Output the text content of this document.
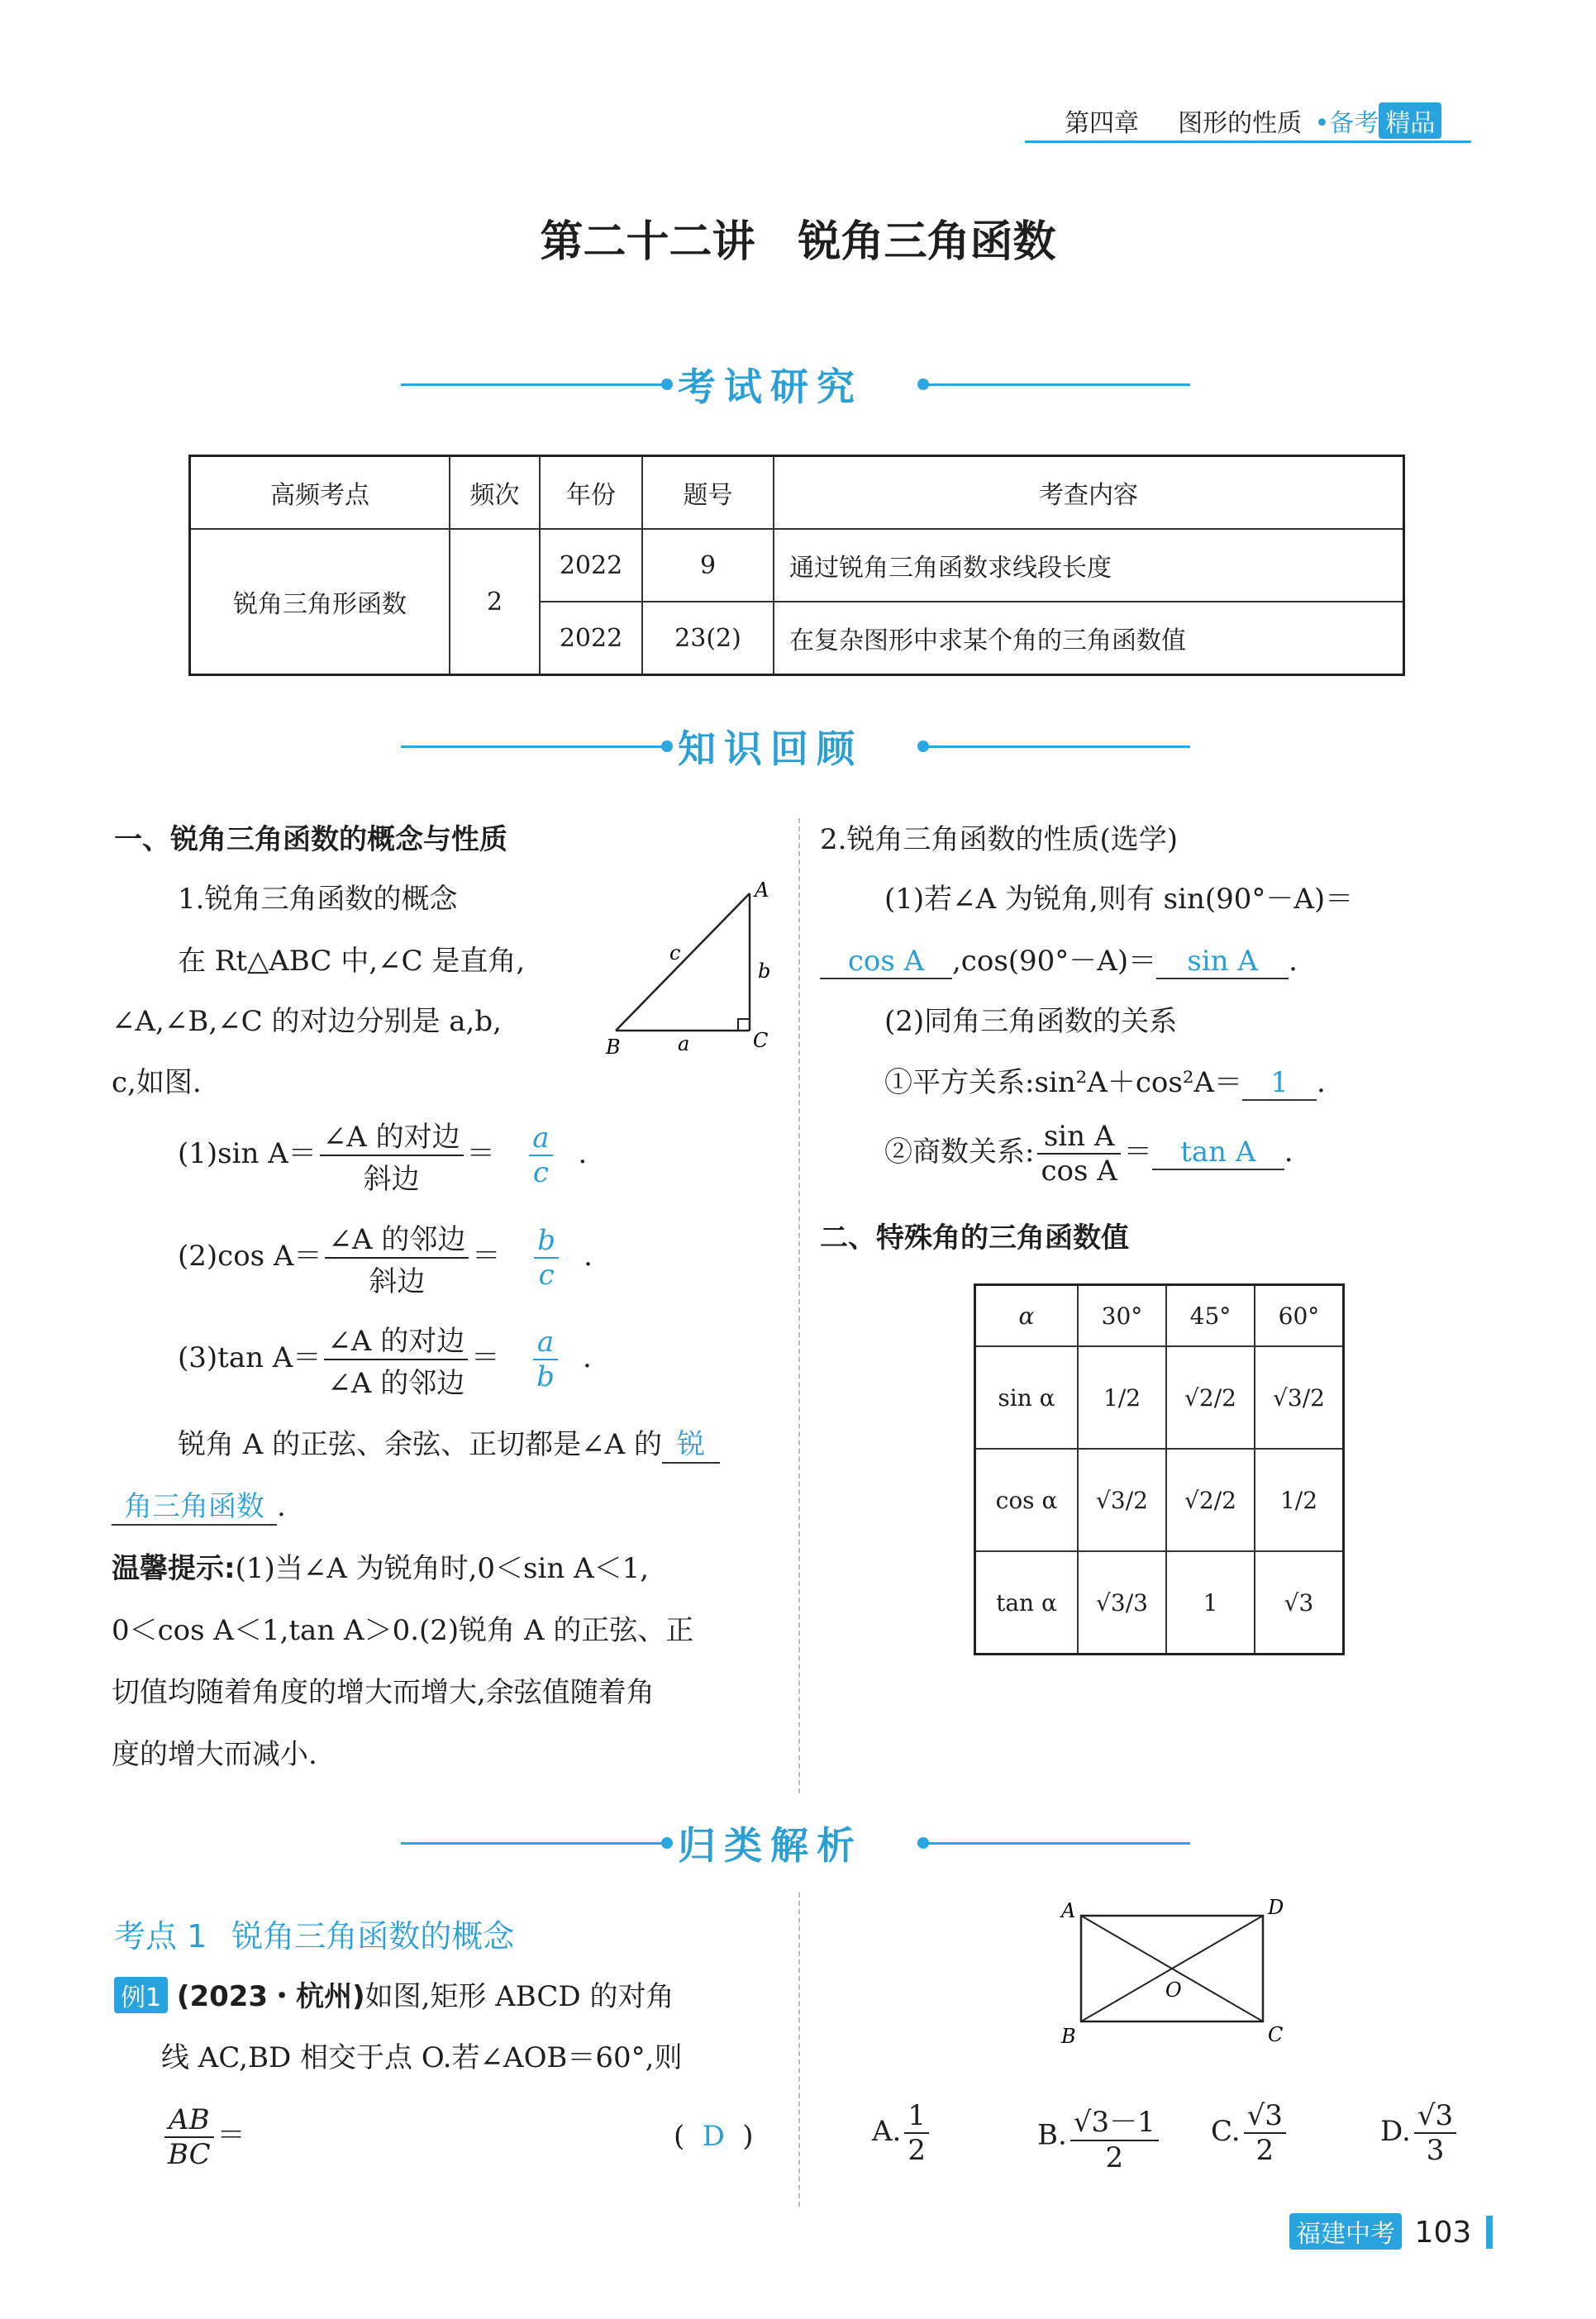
第四章 图形的性质 •备考 精品
第二十二讲　锐角三角函数
考试研究
高频考点	频次	年份	题号	考查内容
锐角三角形函数	2	2022	9	通过锐角三角函数求线段长度
		2022	23(2)	在复杂图形中求某个角的三角函数值
知识回顾
一、锐角三角函数的概念与性质
1.锐角三角函数的概念
在 Rt△ABC 中,∠C 是直角,
∠A,∠B,∠C 的对边分别是 a,b,
c,如图.
A
B	C
a
b
c
(1)sin $A= \frac{\text{∠A 的对边}}{\text{斜边}} = \frac{a}{c}$ .
(2)cos $A= \frac{\text{∠A 的邻边}}{\text{斜边}} = \frac{b}{c}$ .
(3)tan $A= \frac{\text{∠A 的对边}}{\text{∠A 的邻边}} = \frac{a}{b}$ .
锐角 A 的正弦、余弦、正切都是∠A 的 锐
角三角函数 .
温馨提示:(1)当∠A 为锐角时,0＜sin A＜1,
0＜cos A＜1,tan A＞0.(2)锐角 A 的正弦、正
切值均随着角度的增大而增大,余弦值随着角
度的增大而减小.
2.锐角三角函数的性质(选学)
(1)若∠A 为锐角,则有 sin(90°－A)＝
cos A ,cos(90°－A)＝ sin A .
(2)同角三角函数的关系
①平方关系:sin²A＋cos²A＝ 1 .
②商数关系: $\frac{\text{sin A}}{\text{cos A}} = \tan A$ .
二、特殊角的三角函数值
α	30°	45°	60°
sin α	1/2	√2/2	√3/2
cos α	√3/2	√2/2	1/2
tan α	√3/3	1	√3
归类解析
考点 1 锐角三角函数的概念
例1 (2023・杭州)如图,矩形 ABCD 的对角
线 AC,BD 相交于点 O.若∠AOB＝60°,则
$\frac{AB}{BC}$ ＝	( D )
A	D
B	C
O
A. $\frac{1}{2}$	B. $\frac{√3-1}{2} C$. $\frac{√3}{2}$	D. $\frac{√3}{3}$
福建中考 103
